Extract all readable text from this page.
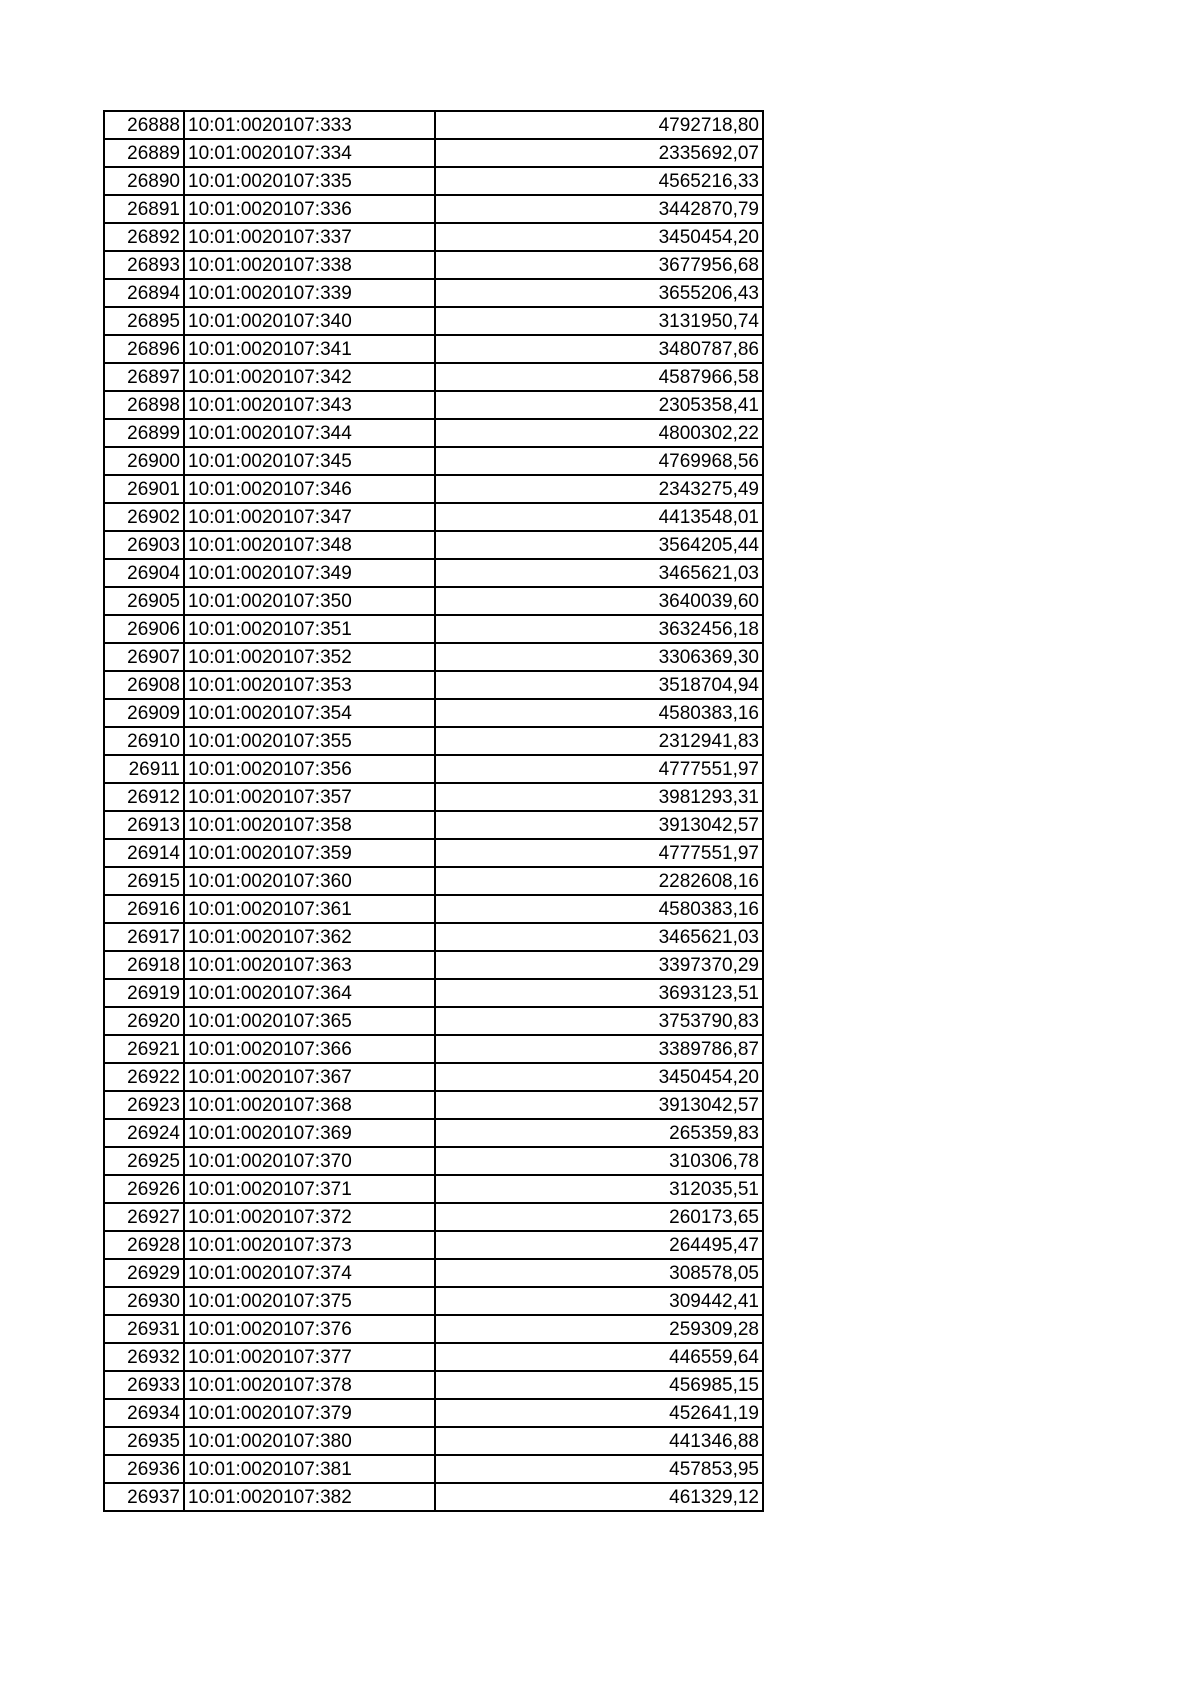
26888	10:01:0020107:333	4792718,80
26889	10:01:0020107:334	2335692,07
26890	10:01:0020107:335	4565216,33
26891	10:01:0020107:336	3442870,79
26892	10:01:0020107:337	3450454,20
26893	10:01:0020107:338	3677956,68
26894	10:01:0020107:339	3655206,43
26895	10:01:0020107:340	3131950,74
26896	10:01:0020107:341	3480787,86
26897	10:01:0020107:342	4587966,58
26898	10:01:0020107:343	2305358,41
26899	10:01:0020107:344	4800302,22
26900	10:01:0020107:345	4769968,56
26901	10:01:0020107:346	2343275,49
26902	10:01:0020107:347	4413548,01
26903	10:01:0020107:348	3564205,44
26904	10:01:0020107:349	3465621,03
26905	10:01:0020107:350	3640039,60
26906	10:01:0020107:351	3632456,18
26907	10:01:0020107:352	3306369,30
26908	10:01:0020107:353	3518704,94
26909	10:01:0020107:354	4580383,16
26910	10:01:0020107:355	2312941,83
26911	10:01:0020107:356	4777551,97
26912	10:01:0020107:357	3981293,31
26913	10:01:0020107:358	3913042,57
26914	10:01:0020107:359	4777551,97
26915	10:01:0020107:360	2282608,16
26916	10:01:0020107:361	4580383,16
26917	10:01:0020107:362	3465621,03
26918	10:01:0020107:363	3397370,29
26919	10:01:0020107:364	3693123,51
26920	10:01:0020107:365	3753790,83
26921	10:01:0020107:366	3389786,87
26922	10:01:0020107:367	3450454,20
26923	10:01:0020107:368	3913042,57
26924	10:01:0020107:369	265359,83
26925	10:01:0020107:370	310306,78
26926	10:01:0020107:371	312035,51
26927	10:01:0020107:372	260173,65
26928	10:01:0020107:373	264495,47
26929	10:01:0020107:374	308578,05
26930	10:01:0020107:375	309442,41
26931	10:01:0020107:376	259309,28
26932	10:01:0020107:377	446559,64
26933	10:01:0020107:378	456985,15
26934	10:01:0020107:379	452641,19
26935	10:01:0020107:380	441346,88
26936	10:01:0020107:381	457853,95
26937	10:01:0020107:382	461329,12
